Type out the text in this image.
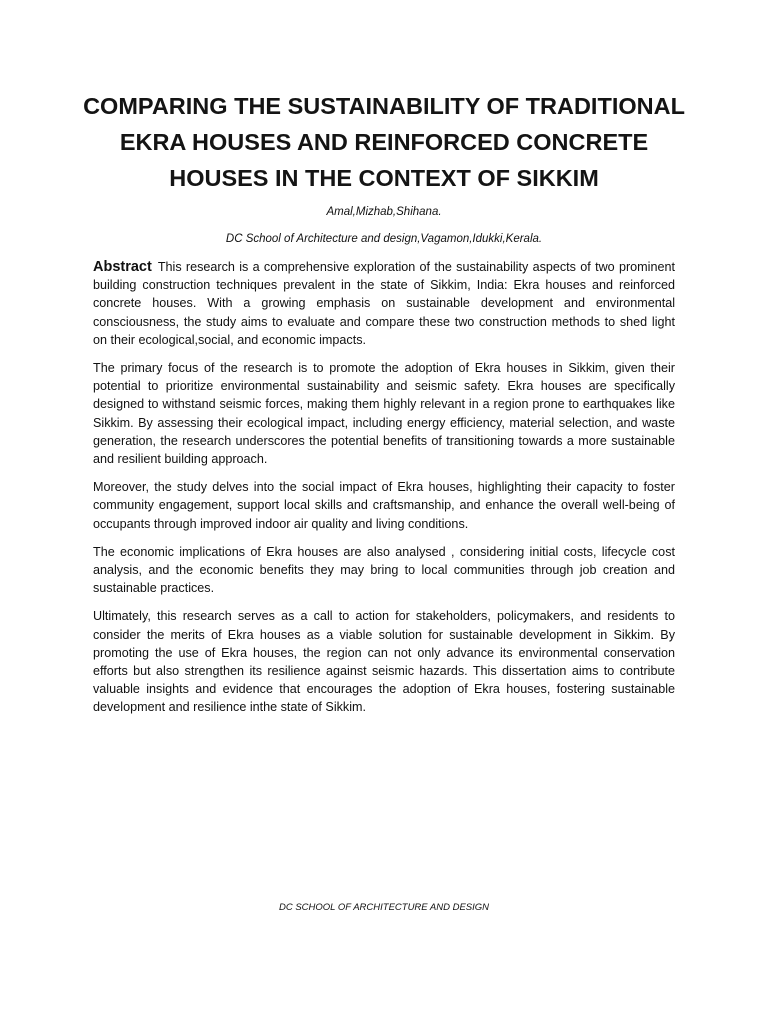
COMPARING THE SUSTAINABILITY OF TRADITIONAL EKRA HOUSES AND REINFORCED CONCRETE HOUSES IN THE CONTEXT OF SIKKIM
Amal,Mizhab,Shihana.
DC School of Architecture and design,Vagamon,Idukki,Kerala.

Abstract This research is a comprehensive exploration of the sustainability aspects of two prominent building construction techniques prevalent in the state of Sikkim, India: Ekra houses and reinforced concrete houses. With a growing emphasis on sustainable development and environmental consciousness, the study aims to evaluate and compare these two construction methods to shed light on their ecological,social, and economic impacts.

The primary focus of the research is to promote the adoption of Ekra houses in Sikkim, given their potential to prioritize environmental sustainability and seismic safety. Ekra houses are specifically designed to withstand seismic forces, making them highly relevant in a region prone to earthquakes like Sikkim. By assessing their ecological impact, including energy efficiency, material selection, and waste generation, the research underscores the potential benefits of transitioning towards a more sustainable and resilient building approach.

Moreover, the study delves into the social impact of Ekra houses, highlighting their capacity to foster community engagement, support local skills and craftsmanship, and enhance the overall well-being of occupants through improved indoor air quality and living conditions.

The economic implications of Ekra houses are also analysed , considering initial costs, lifecycle cost analysis, and the economic benefits they may bring to local communities through job creation and sustainable practices.

Ultimately, this research serves as a call to action for stakeholders, policymakers, and residents to consider the merits of Ekra houses as a viable solution for sustainable development in Sikkim. By promoting the use of Ekra houses, the region can not only advance its environmental conservation efforts but also strengthen its resilience against seismic hazards. This dissertation aims to contribute valuable insights and evidence that encourages the adoption of Ekra houses, fostering sustainable development and resilience inthe state of Sikkim.

DC SCHOOL OF ARCHITECTURE AND DESIGN
